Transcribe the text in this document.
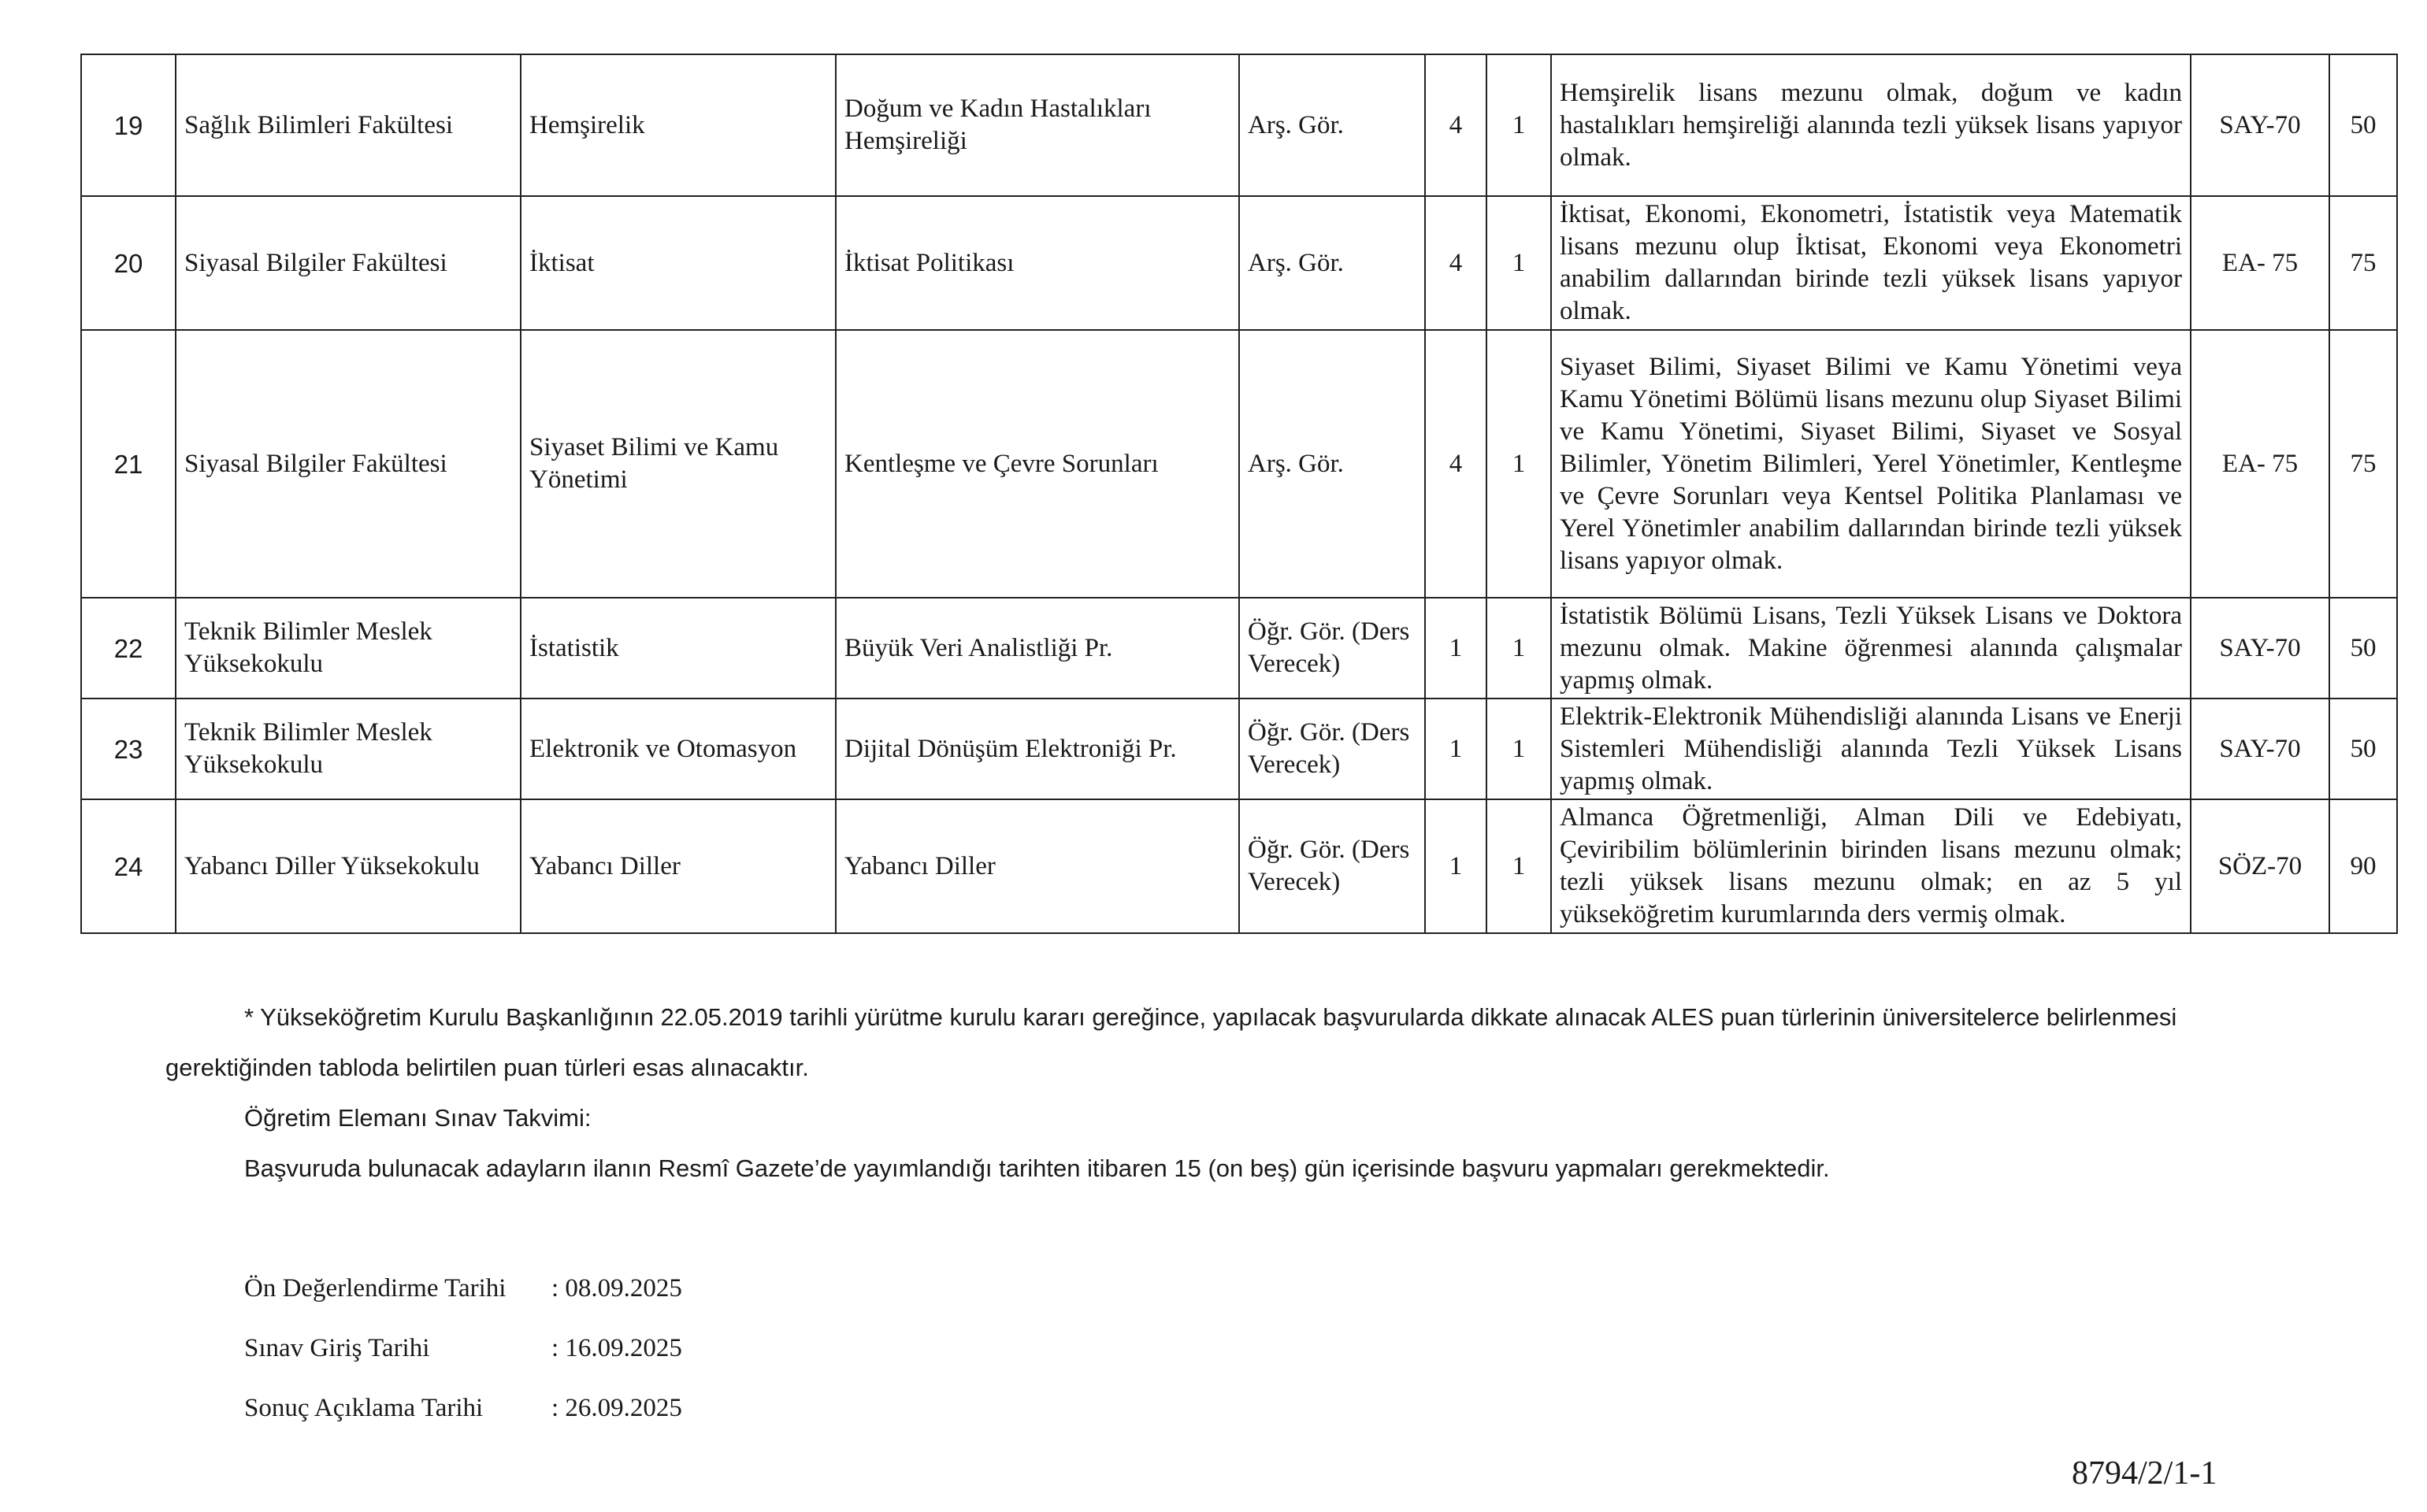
19	Sağlık Bilimleri Fakültesi	Hemşirelik	Doğum ve Kadın Hastalıkları Hemşireliği	Arş. Gör.	4	1	Hemşirelik lisans mezunu olmak, doğum ve kadın hastalıkları hemşireliği alanında tezli yüksek lisans yapıyor olmak.	SAY-70	50
20	Siyasal Bilgiler Fakültesi	İktisat	İktisat Politikası	Arş. Gör.	4	1	İktisat, Ekonomi, Ekonometri, İstatistik veya Matematik lisans mezunu olup İktisat, Ekonomi veya Ekonometri anabilim dallarından birinde tezli yüksek lisans yapıyor olmak.	EA- 75	75
21	Siyasal Bilgiler Fakültesi	Siyaset Bilimi ve Kamu Yönetimi	Kentleşme ve Çevre Sorunları	Arş. Gör.	4	1	Siyaset Bilimi, Siyaset Bilimi ve Kamu Yönetimi veya Kamu Yönetimi Bölümü lisans mezunu olup Siyaset Bilimi ve Kamu Yönetimi, Siyaset Bilimi, Siyaset ve Sosyal Bilimler, Yönetim Bilimleri, Yerel Yönetimler, Kentleşme ve Çevre Sorunları veya Kentsel Politika Planlaması ve Yerel Yönetimler anabilim dallarından birinde tezli yüksek lisans yapıyor olmak.	EA- 75	75
22	Teknik Bilimler Meslek Yüksekokulu	İstatistik	Büyük Veri Analistliği Pr.	Öğr. Gör. (Ders Verecek)	1	1	İstatistik Bölümü Lisans, Tezli Yüksek Lisans ve Doktora mezunu olmak. Makine öğrenmesi alanında çalışmalar yapmış olmak.	SAY-70	50
23	Teknik Bilimler Meslek Yüksekokulu	Elektronik ve Otomasyon	Dijital Dönüşüm Elektroniği Pr.	Öğr. Gör. (Ders Verecek)	1	1	Elektrik-Elektronik Mühendisliği alanında Lisans ve Enerji Sistemleri Mühendisliği alanında Tezli Yüksek Lisans yapmış olmak.	SAY-70	50
24	Yabancı Diller Yüksekokulu	Yabancı Diller	Yabancı Diller	Öğr. Gör. (Ders Verecek)	1	1	Almanca Öğretmenliği, Alman Dili ve Edebiyatı, Çeviribilim bölümlerinin birinden lisans mezunu olmak; tezli yüksek lisans mezunu olmak; en az 5 yıl yükseköğretim kurumlarında ders vermiş olmak.	SÖZ-70	90
* Yükseköğretim Kurulu Başkanlığının 22.05.2019 tarihli yürütme kurulu kararı gereğince, yapılacak başvurularda dikkate alınacak ALES puan türlerinin üniversitelerce belirlenmesi
gerektiğinden tabloda belirtilen puan türleri esas alınacaktır.
Öğretim Elemanı Sınav Takvimi:
Başvuruda bulunacak adayların ilanın Resmî Gazete’de yayımlandığı tarihten itibaren 15 (on beş) gün içerisinde başvuru yapmaları gerekmektedir.
Ön Değerlendirme Tarihi : 08.09.2025
Sınav Giriş Tarihi	: 16.09.2025
Sonuç Açıklama Tarihi	: 26.09.2025
8794/2/1-1
